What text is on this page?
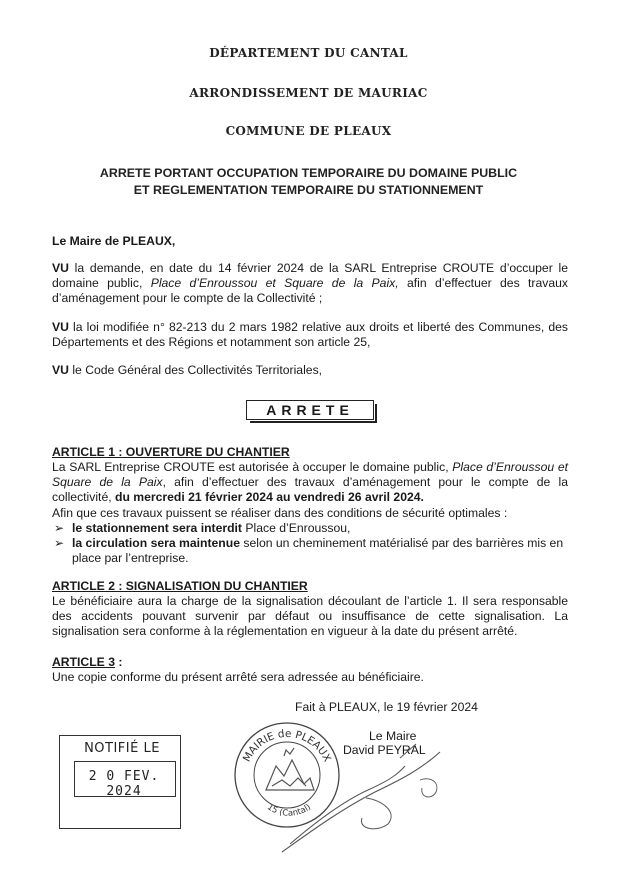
DÉPARTEMENT DU CANTAL
ARRONDISSEMENT DE MAURIAC
COMMUNE DE PLEAUX
ARRETE PORTANT OCCUPATION TEMPORAIRE DU DOMAINE PUBLIC
ET REGLEMENTATION TEMPORAIRE DU STATIONNEMENT
Le Maire de PLEAUX,
VU la demande, en date du 14 février 2024 de la SARL Entreprise CROUTE d’occuper le domaine public, Place d’Enroussou et Square de la Paix, afin d’effectuer des travaux d’aménagement pour le compte de la Collectivité ;
VU la loi modifiée n° 82-213 du 2 mars 1982 relative aux droits et liberté des Communes, des Départements et des Régions et notamment son article 25,
VU le Code Général des Collectivités Territoriales,
ARRETE
ARTICLE 1 : OUVERTURE DU CHANTIER
La SARL Entreprise CROUTE est autorisée à occuper le domaine public, Place d’Enroussou et Square de la Paix, afin d’effectuer des travaux d’aménagement pour le compte de la collectivité, du mercredi 21 février 2024 au vendredi 26 avril 2024.
Afin que ces travaux puissent se réaliser dans des conditions de sécurité optimales :
➢ le stationnement sera interdit Place d’Enroussou,
➢ la circulation sera maintenue selon un cheminement matérialisé par des barrières mis en place par l’entreprise.
ARTICLE 2 : SIGNALISATION DU CHANTIER
Le bénéficiaire aura la charge de la signalisation découlant de l’article 1. Il sera responsable des accidents pouvant survenir par défaut ou insuffisance de cette signalisation. La signalisation sera conforme à la réglementation en vigueur à la date du présent arrêté.
ARTICLE 3 :
Une copie conforme du présent arrêté sera adressée au bénéficiaire.
Fait à PLEAUX, le 19 février 2024
Le Maire
David PEYRAL
NOTIFIÉ LE
2 0 FEV. 2024
MAIRIE de PLEAUX
15 (Cantal)
